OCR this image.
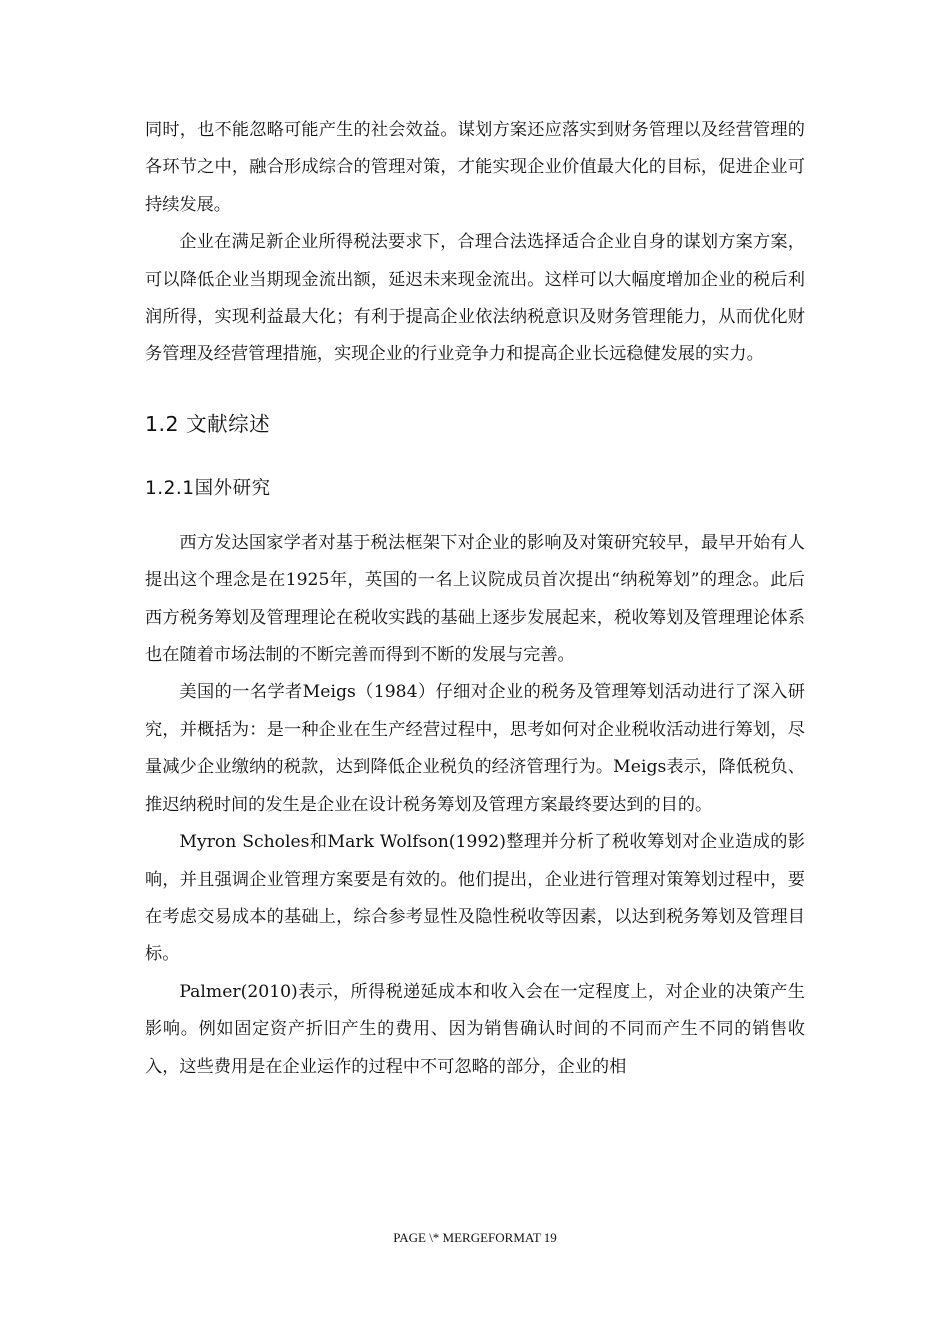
同时，也不能忽略可能产生的社会效益。谋划方案还应落实到财务管理以及经营管理的各环节之中，融合形成综合的管理对策，才能实现企业价值最大化的目标，促进企业可持续发展。

企业在满足新企业所得税法要求下，合理合法选择适合企业自身的谋划方案方案，可以降低企业当期现金流出额，延迟未来现金流出。这样可以大幅度增加企业的税后利润所得，实现利益最大化；有利于提高企业依法纳税意识及财务管理能力，从而优化财务管理及经营管理措施，实现企业的行业竞争力和提高企业长远稳健发展的实力。

1.2 文献综述
1.2.1国外研究

西方发达国家学者对基于税法框架下对企业的影响及对策研究较早，最早开始有人提出这个理念是在1925年，英国的一名上议院成员首次提出“纳税筹划”的理念。此后西方税务筹划及管理理论在税收实践的基础上逐步发展起来，税收筹划及管理理论体系也在随着市场法制的不断完善而得到不断的发展与完善。

美国的一名学者Meigs（1984）仔细对企业的税务及管理筹划活动进行了深入研究，并概括为：是一种企业在生产经营过程中，思考如何对企业税收活动进行筹划，尽量减少企业缴纳的税款，达到降低企业税负的经济管理行为。Meigs表示，降低税负、推迟纳税时间的发生是企业在设计税务筹划及管理方案最终要达到的目的。

Myron Scholes和Mark Wolfson(1992)整理并分析了税收筹划对企业造成的影响，并且强调企业管理方案要是有效的。他们提出，企业进行管理对策筹划过程中，要在考虑交易成本的基础上，综合参考显性及隐性税收等因素，以达到税务筹划及管理目标。

Palmer(2010)表示，所得税递延成本和收入会在一定程度上，对企业的决策产生影响。例如固定资产折旧产生的费用、因为销售确认时间的不同而产生不同的销售收入，这些费用是在企业运作的过程中不可忽略的部分，企业的相

PAGE \* MERGEFORMAT 19
